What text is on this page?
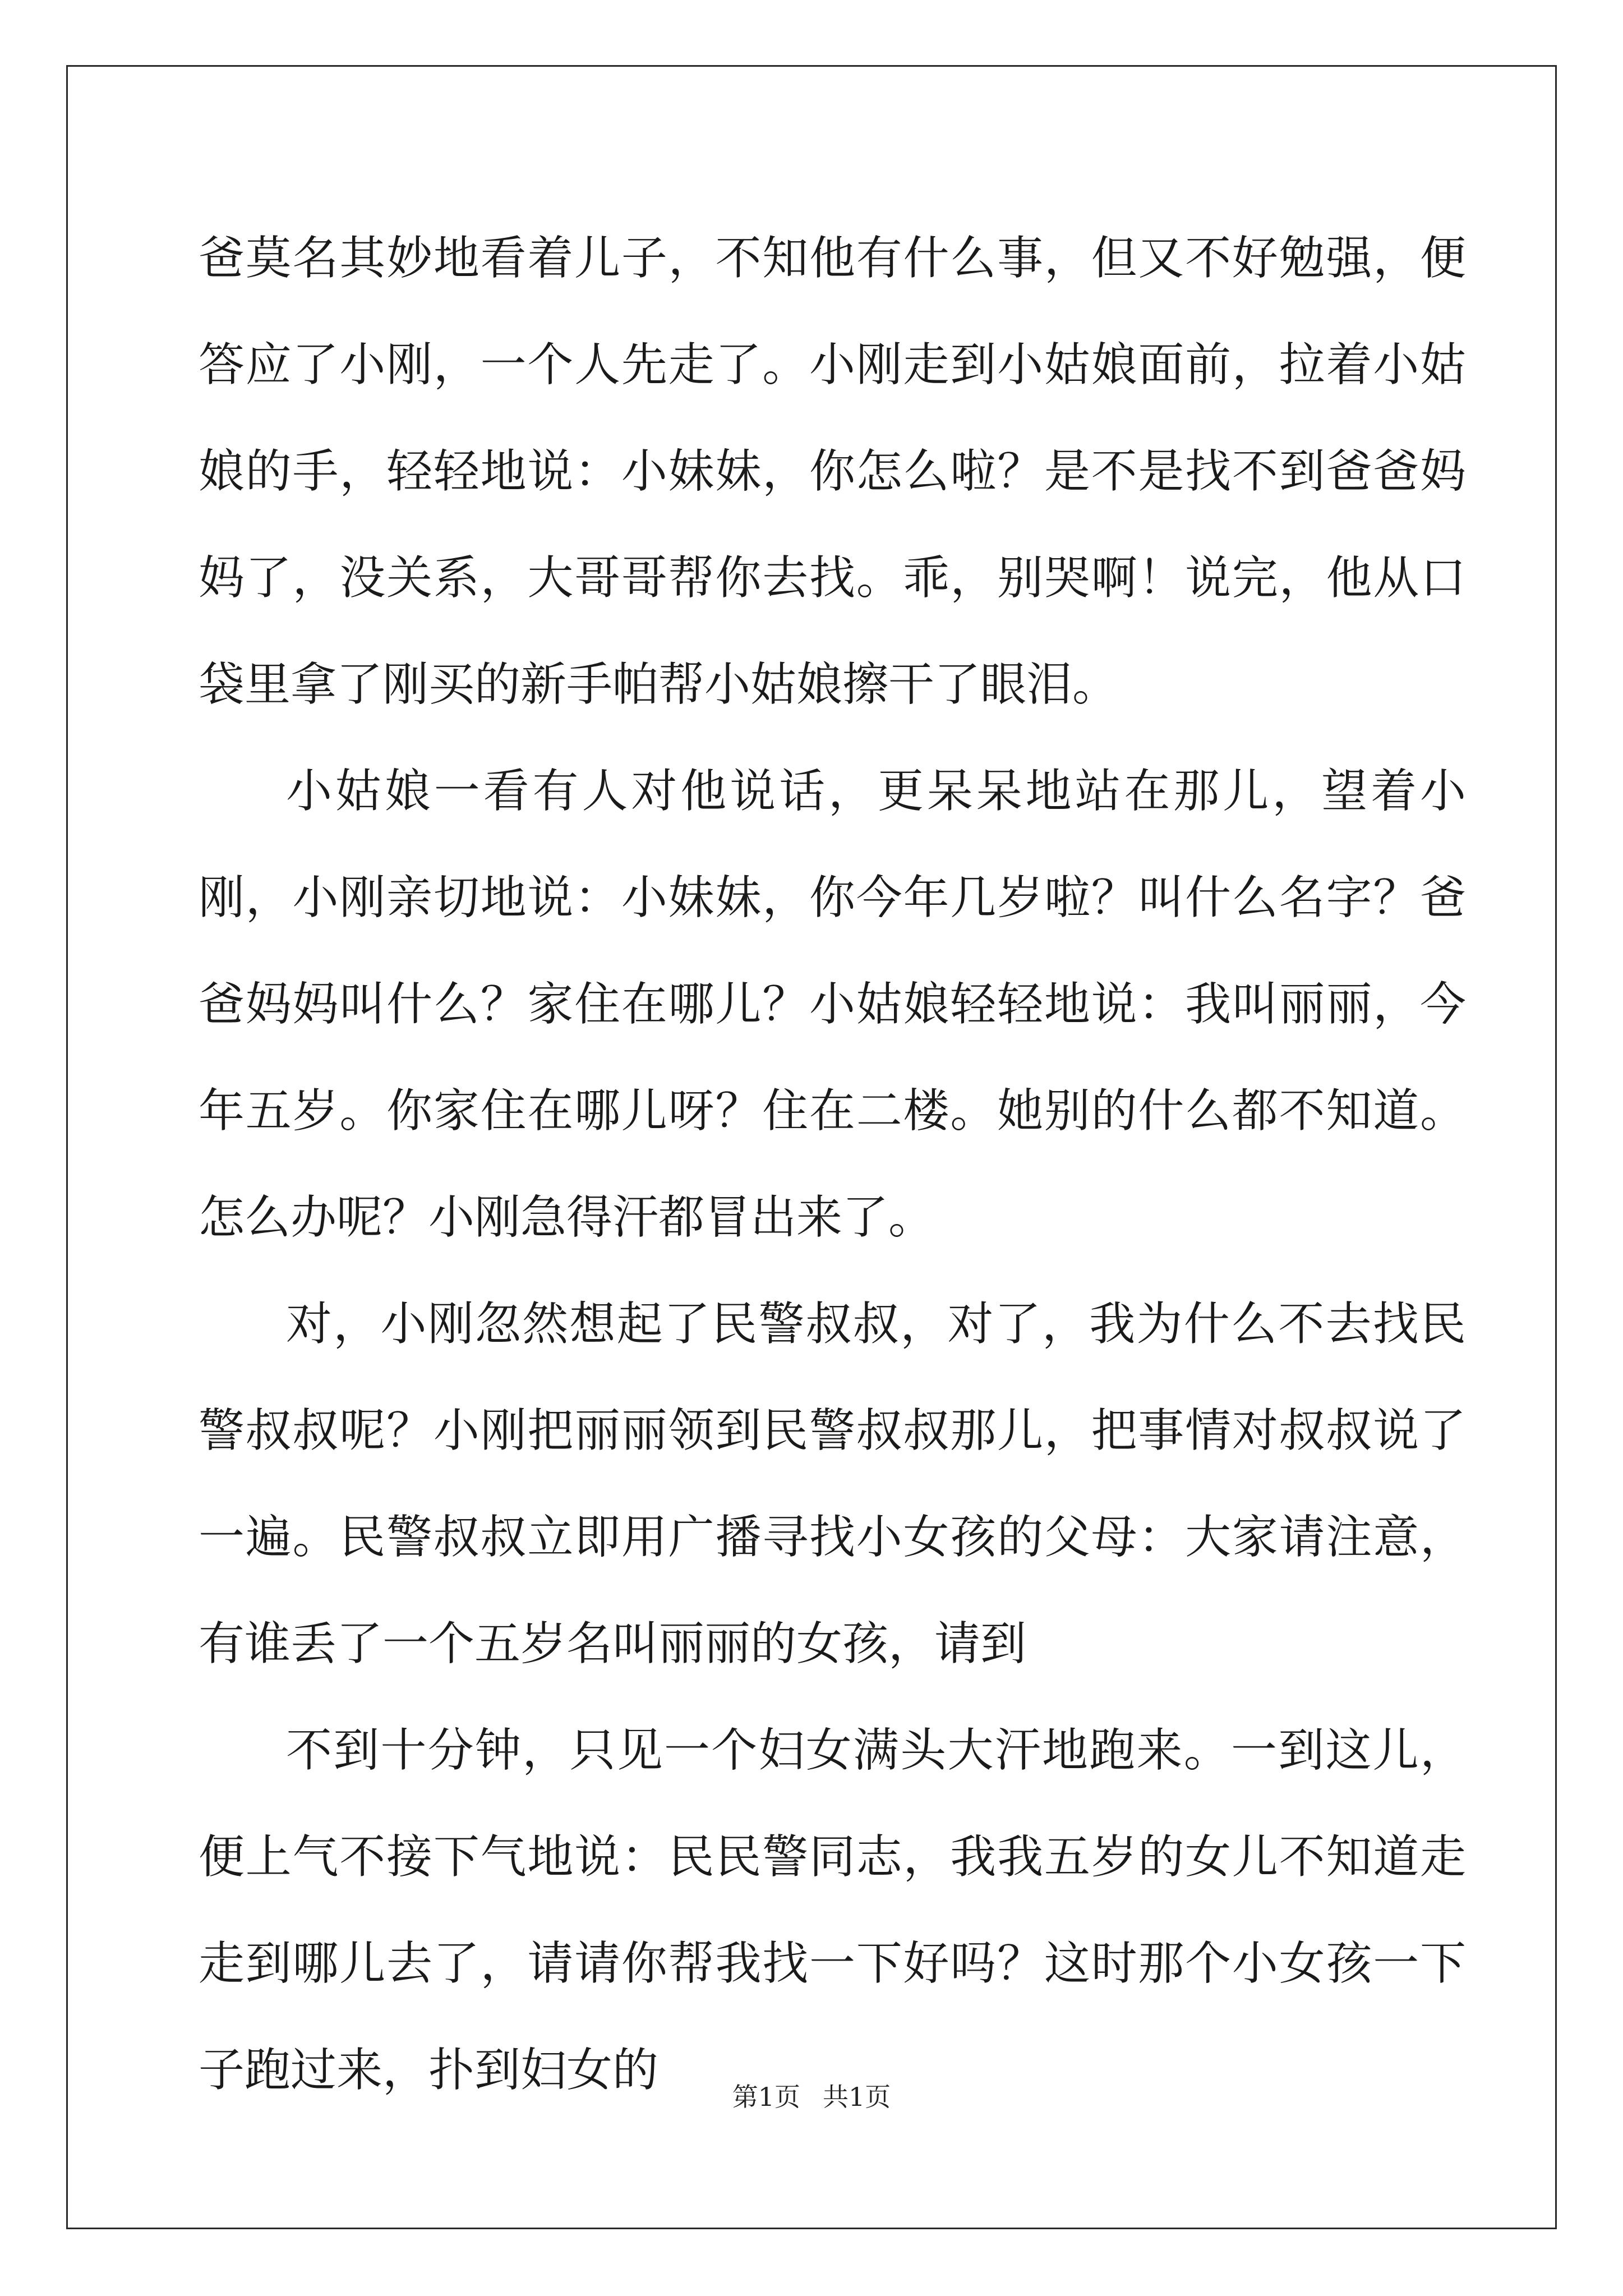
爸莫名其妙地看着儿子，不知他有什么事，但又不好勉强，便答应了小刚，一个人先走了。小刚走到小姑娘面前，拉着小姑娘的手，轻轻地说：小妹妹，你怎么啦？是不是找不到爸爸妈妈了，没关系，大哥哥帮你去找。乖，别哭啊！说完，他从口袋里拿了刚买的新手帕帮小姑娘擦干了眼泪。

小姑娘一看有人对他说话，更呆呆地站在那儿，望着小刚，小刚亲切地说：小妹妹，你今年几岁啦？叫什么名字？爸爸妈妈叫什么？家住在哪儿？小姑娘轻轻地说：我叫丽丽，今年五岁。你家住在哪儿呀？住在二楼。她别的什么都不知道。怎么办呢？小刚急得汗都冒出来了。

对，小刚忽然想起了民警叔叔，对了，我为什么不去找民警叔叔呢？小刚把丽丽领到民警叔叔那儿，把事情对叔叔说了一遍。民警叔叔立即用广播寻找小女孩的父母：大家请注意，有谁丢了一个五岁名叫丽丽的女孩，请到

不到十分钟，只见一个妇女满头大汗地跑来。一到这儿，便上气不接下气地说：民民警同志，我我五岁的女儿不知道走走到哪儿去了，请请你帮我找一下好吗？这时那个小女孩一下子跑过来，扑到妇女的	第1页 共1页
